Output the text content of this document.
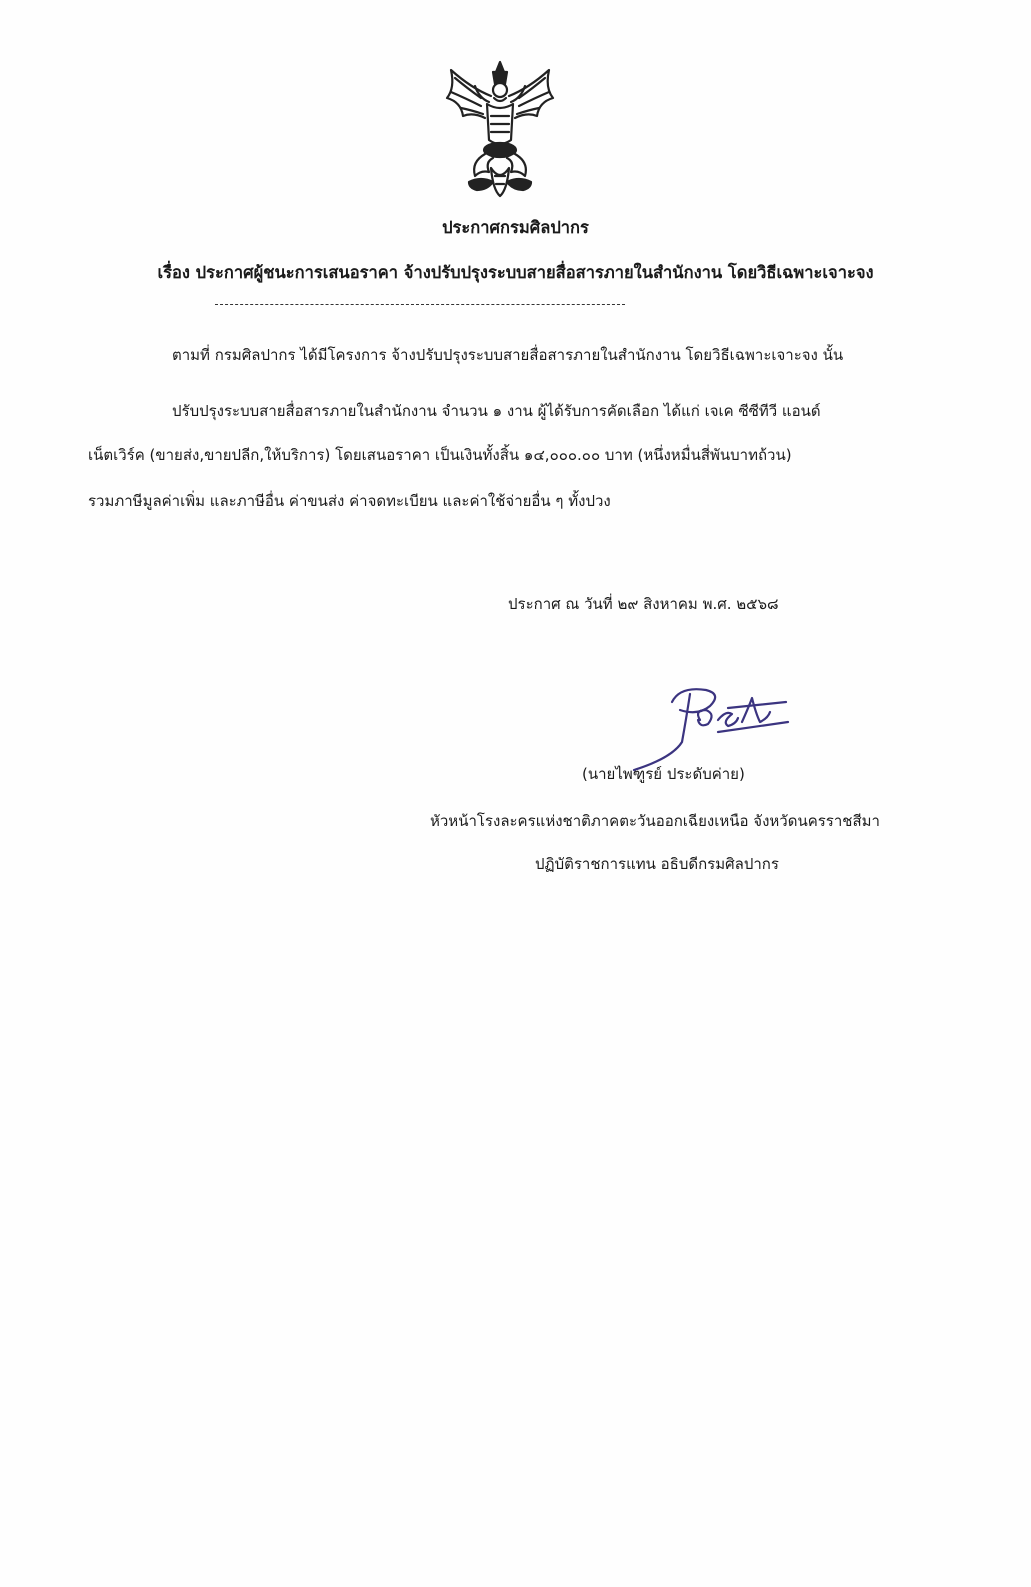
ประกาศกรมศิลปากร
เรื่อง ประกาศผู้ชนะการเสนอราคา จ้างปรับปรุงระบบสายสื่อสารภายในสำนักงาน โดยวิธีเฉพาะเจาะจง
ตามที่ กรมศิลปากร ได้มีโครงการ จ้างปรับปรุงระบบสายสื่อสารภายในสำนักงาน โดยวิธีเฉพาะเจาะจง นั้น
ปรับปรุงระบบสายสื่อสารภายในสำนักงาน จำนวน ๑ งาน ผู้ได้รับการคัดเลือก ได้แก่ เจเค ซีซีทีวี แอนด์
เน็ตเวิร์ค (ขายส่ง,ขายปลีก,ให้บริการ) โดยเสนอราคา เป็นเงินทั้งสิ้น ๑๔,๐๐๐.๐๐ บาท (หนึ่งหมื่นสี่พันบาทถ้วน)
รวมภาษีมูลค่าเพิ่ม และภาษีอื่น ค่าขนส่ง ค่าจดทะเบียน และค่าใช้จ่ายอื่น ๆ ทั้งปวง
ประกาศ ณ วันที่ ๒๙ สิงหาคม พ.ศ. ๒๕๖๘
(นายไพฑูรย์ ประดับค่าย)
หัวหน้าโรงละครแห่งชาติภาคตะวันออกเฉียงเหนือ จังหวัดนครราชสีมา
ปฏิบัติราชการแทน อธิบดีกรมศิลปากร
